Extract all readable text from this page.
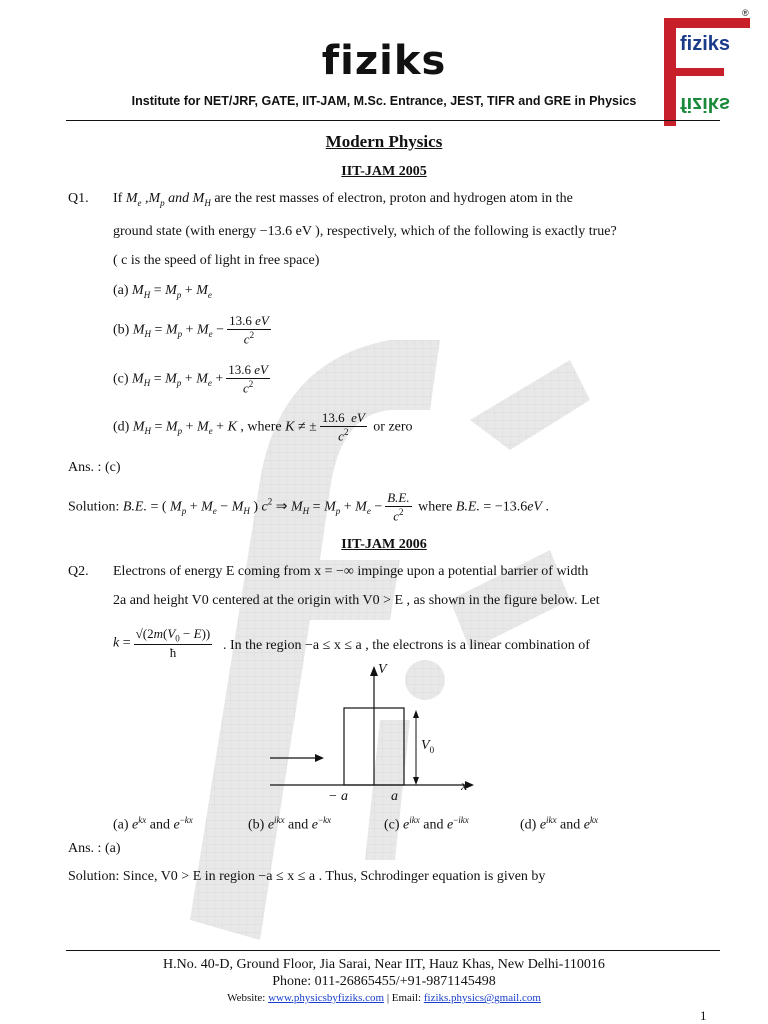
fiziks
Institute for NET/JRF, GATE, IIT-JAM, M.Sc. Entrance, JEST, TIFR and GRE in Physics
fiziks
fiziks
®
Modern Physics
IIT-JAM 2005
Q1. If $M_e$ $,M_p$ and $M_H$ are the rest masses of electron, proton and hydrogen atom in the
ground state (with energy −13.6 eV ), respectively, which of the following is exactly true?
( c is the speed of light in free space)
(a) $M_H = M_p + M_e$
(b) $M_H = M_p + M_e - \frac{13.6 eV}{c^2}$
(c) $M_H = M_p + M_e + \frac{13.6 eV}{c^2}$
(d) $M_H = M_p + M_e + K$ , where K ≠ ± $\frac{13.6 eV}{c^2}$ or zero
Ans. : (c)
Solution: B.E. = ( $M_p + M_e - M_H$ ) $c^2$ ⇒ $M_H = M_p + M_e - \frac{B.E.}{c^2}$ where B.E. = −13.6eV .
IIT-JAM 2006
Q2. Electrons of energy E coming from x = −∞ impinge upon a potential barrier of width
2a and height V0 centered at the origin with V0 > E , as shown in the figure below. Let
$k = \frac{√(2m(V_0 - E))}{ħ}$ . In the region −a ≤ x ≤ a , the electrons is a linear combination of
V
x
$V_0$
− a	a
(a) $e^{kx}$ and $e^{-kx}$	(b) $e^{ikx}$ and $e^{-kx}$	(c) $e^{ikx}$ and $e^{-ikx}$	(d) $e^{ikx}$ and $e^{kx}$
Ans. : (a)
Solution: Since, V0 > E in region −a ≤ x ≤ a . Thus, Schrodinger equation is given by
H.No. 40-D, Ground Floor, Jia Sarai, Near IIT, Hauz Khas, New Delhi-110016
Phone: 011-26865455/+91-9871145498
Website: www.physicsbyfiziks.com | Email: fiziks.physics@gmail.com
1
